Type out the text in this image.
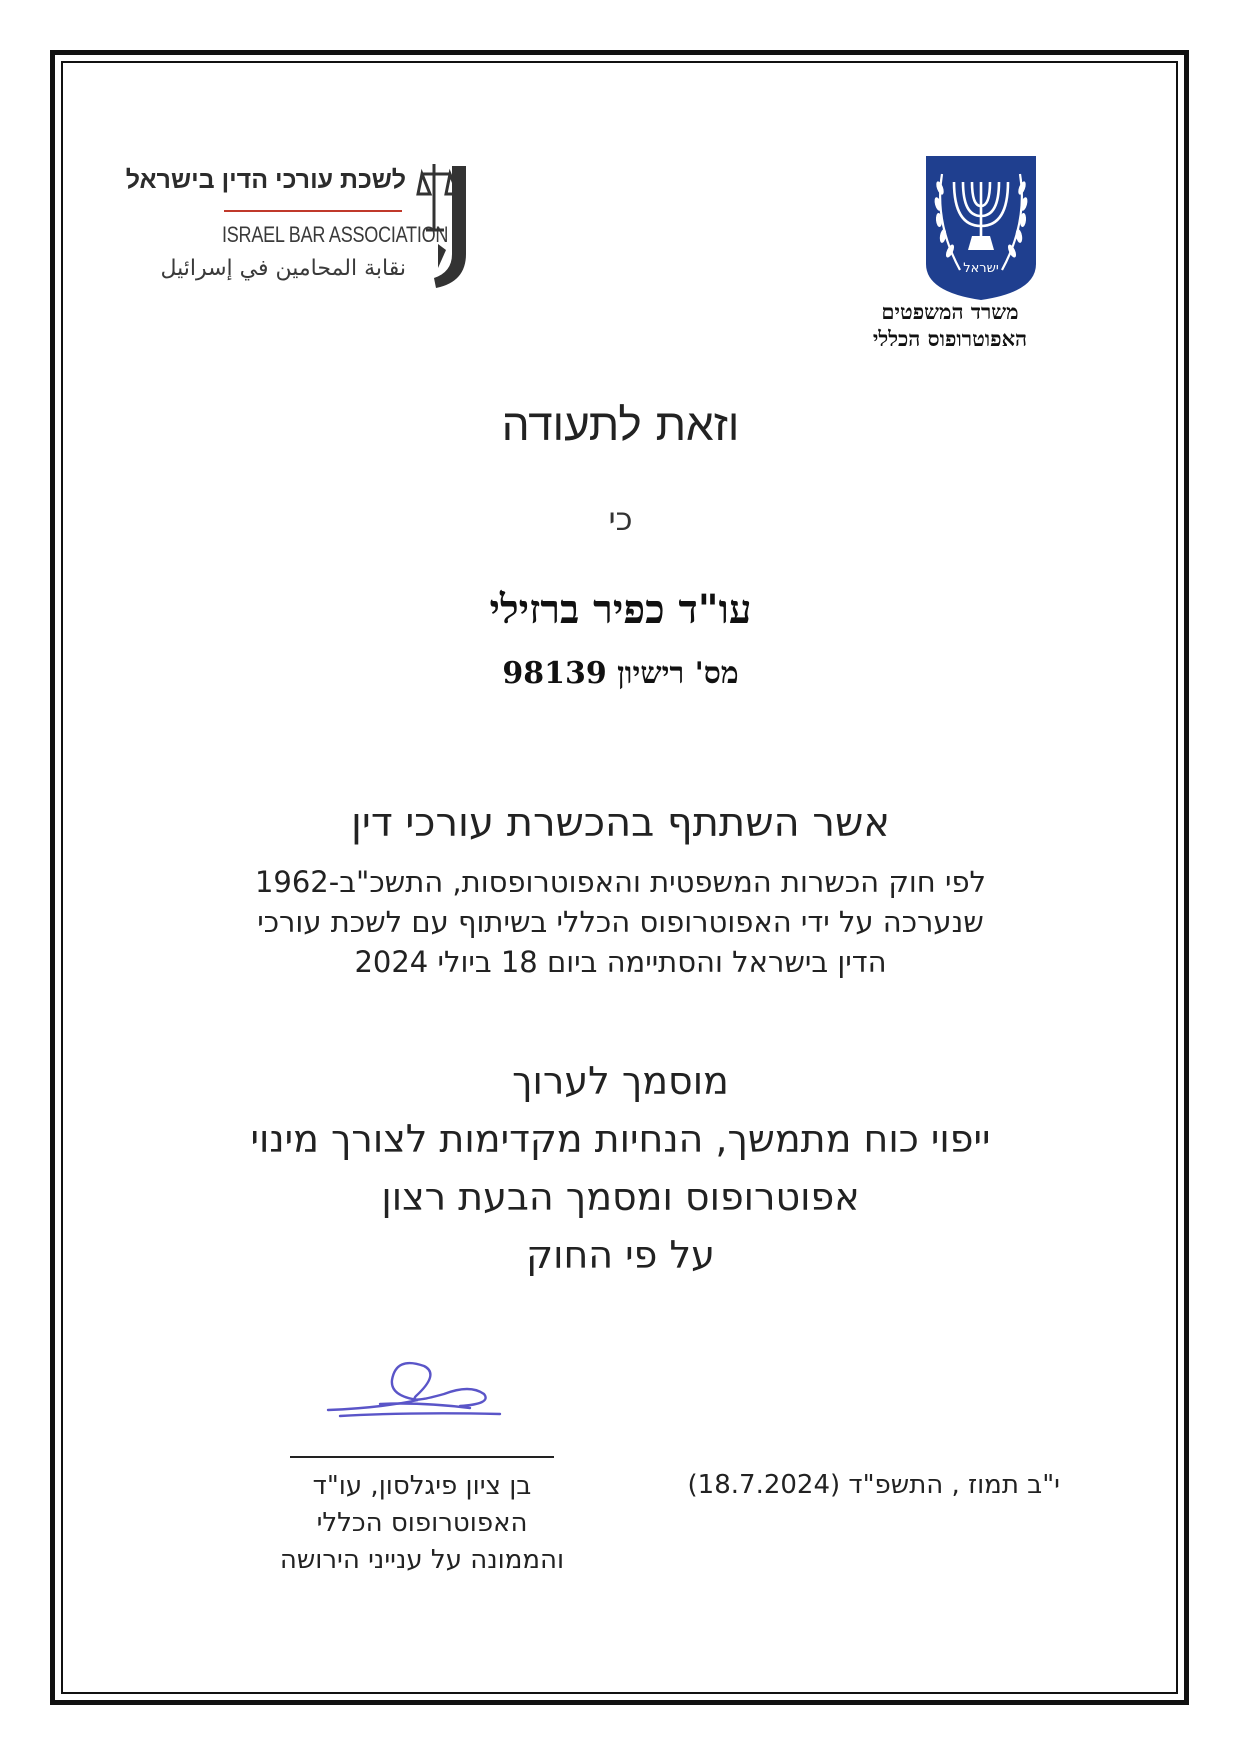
ישראל
משרד המשפטים
האפוטרופוס הכללי
לשכת עורכי הדין בישראל
ISRAEL BAR ASSOCIATION
نقابة المحامين في إسرائيل
וזאת לתעודה
כי
עו"ד כפיר ברזילי
מס' רישיון 98139
אשר השתתף בהכשרת עורכי דין
לפי חוק הכשרות המשפטית והאפוטרופסות, התשכ"ב-1962
שנערכה על ידי האפוטרופוס הכללי בשיתוף עם לשכת עורכי
הדין בישראל והסתיימה ביום 18 ביולי 2024
מוסמך לערוך
ייפוי כוח מתמשך, הנחיות מקדימות לצורך מינוי
אפוטרופוס ומסמך הבעת רצון
על פי החוק
בן ציון פיגלסון, עו"ד
האפוטרופוס הכללי
והממונה על ענייני הירושה
י"ב תמוז , התשפ"ד (18.7.2024)
